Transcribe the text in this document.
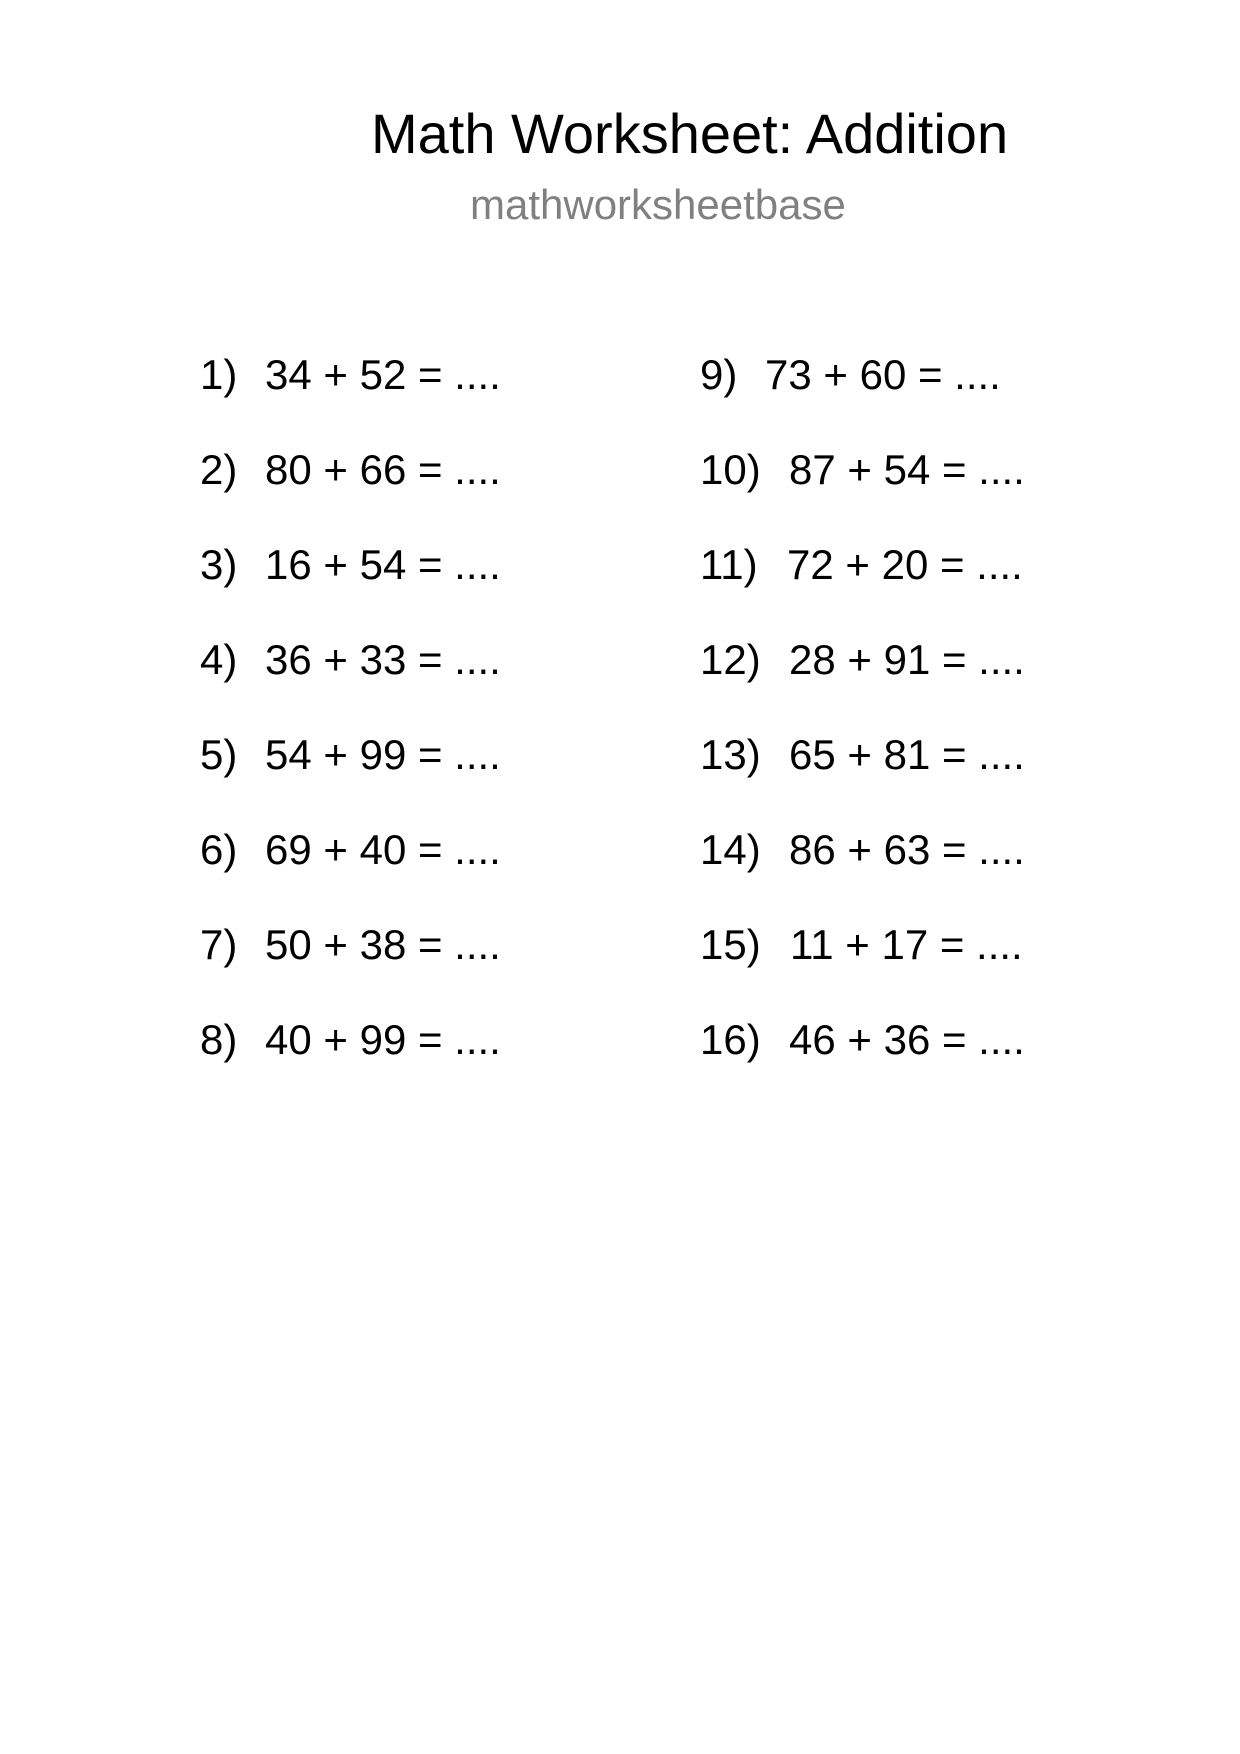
Math Worksheet: Addition
mathworksheetbase
1) 34 + 52 = ....
2) 80 + 66 = ....
3) 16 + 54 = ....
4) 36 + 33 = ....
5) 54 + 99 = ....
6) 69 + 40 = ....
7) 50 + 38 = ....
8) 40 + 99 = ....
9) 73 + 60 = ....
10) 87 + 54 = ....
11) 72 + 20 = ....
12) 28 + 91 = ....
13) 65 + 81 = ....
14) 86 + 63 = ....
15) 11 + 17 = ....
16) 46 + 36 = ....
